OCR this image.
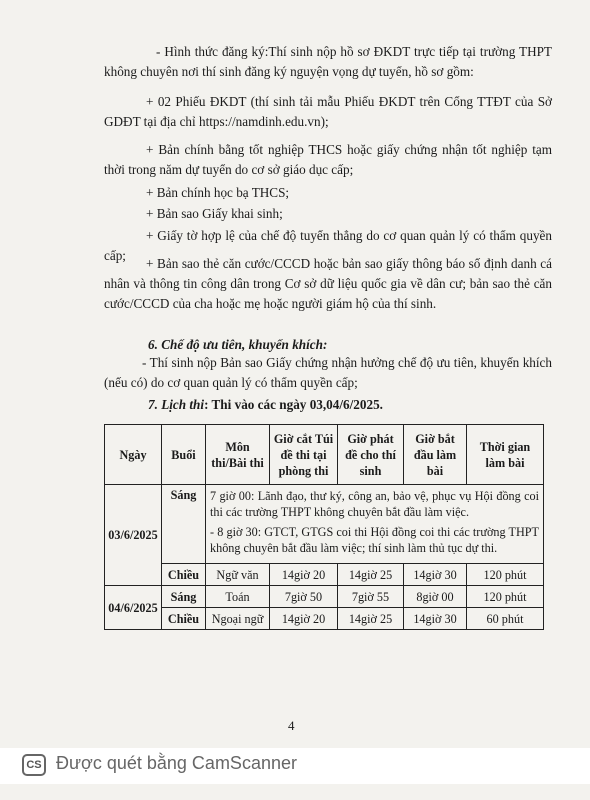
- Hình thức đăng ký:Thí sinh nộp hồ sơ ĐKDT trực tiếp tại trường THPT không chuyên nơi thí sinh đăng ký nguyện vọng dự tuyển, hồ sơ gồm:

+ 02 Phiếu ĐKDT (thí sinh tải mẫu Phiếu ĐKDT trên Cổng TTĐT của Sở GDĐT tại địa chỉ https://namdinh.edu.vn);

+ Bản chính bằng tốt nghiệp THCS hoặc giấy chứng nhận tốt nghiệp tạm thời trong năm dự tuyển do cơ sở giáo dục cấp;

+ Bản chính học bạ THCS;

+ Bản sao Giấy khai sinh;

+ Giấy tờ hợp lệ của chế độ tuyển thẳng do cơ quan quản lý có thẩm quyền cấp;

+ Bản sao thẻ căn cước/CCCD hoặc bản sao giấy thông báo số định danh cá nhân và thông tin công dân trong Cơ sở dữ liệu quốc gia về dân cư; bản sao thẻ căn cước/CCCD của cha hoặc mẹ hoặc người giám hộ của thí sinh.

6. Chế độ ưu tiên, khuyến khích:

- Thí sinh nộp Bản sao Giấy chứng nhận hưởng chế độ ưu tiên, khuyến khích (nếu có) do cơ quan quản lý có thẩm quyền cấp;

7. Lịch thi: Thi vào các ngày 03,04/6/2025.
Ngày	Buổi	Môn thi/Bài thi	Giờ cắt Túi đề thi tại phòng thi	Giờ phát đề cho thí sinh	Giờ bắt đầu làm bài	Thời gian làm bài
03/6/2025	Sáng	7 giờ 00: Lãnh đạo, thư ký, công an, bảo vệ, phục vụ Hội đồng coi thi các trường THPT không chuyên bắt đầu làm việc.

- 8 giờ 30: GTCT, GTGS coi thi Hội đồng coi thi các trường THPT không chuyên bắt đầu làm việc; thí sinh làm thủ tục dự thi.				

	Chiều	Ngữ văn	14giờ 20	14giờ 25	14giờ 30	120 phút
04/6/2025	Sáng	Toán	7giờ 50	7giờ 55	8giờ 00	120 phút
	Chiều	Ngoại ngữ	14giờ 20	14giờ 25	14giờ 30	60 phút
4
CS Được quét bằng CamScanner
